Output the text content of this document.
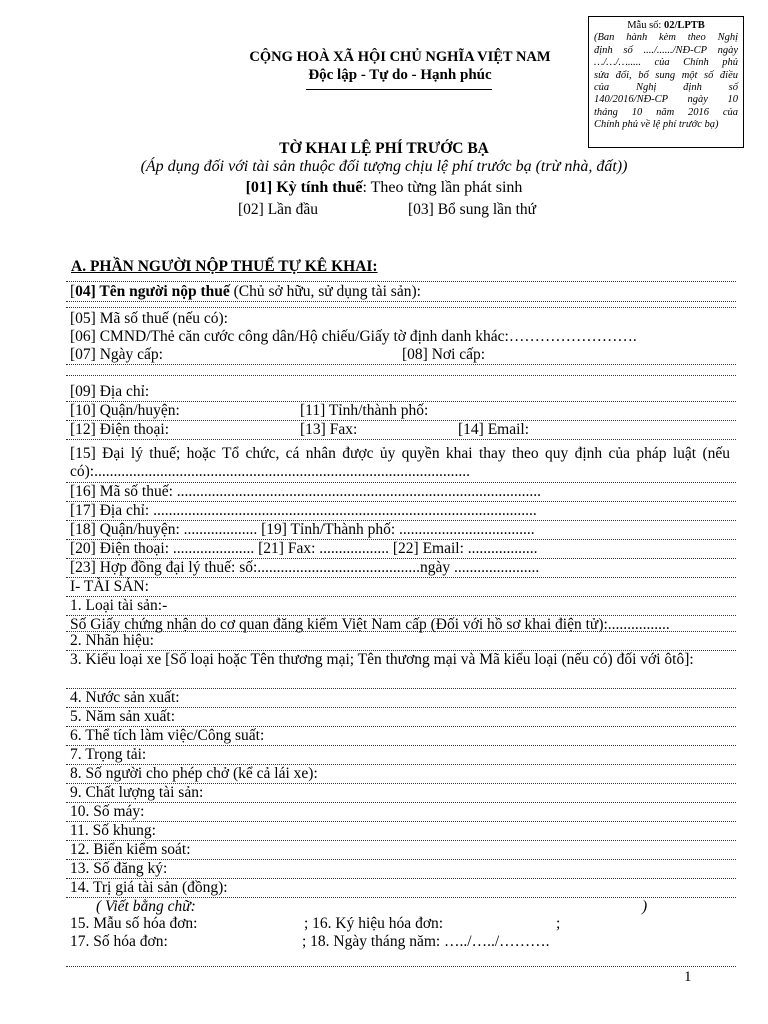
Mẫu số: 02/LPTB
(Ban hành kèm theo Nghị
định số ..../....../NĐ-CP ngày
…/…/…..... của Chính phủ
sửa đổi, bổ sung một số điều
của Nghị định số
140/2016/NĐ-CP ngày 10
tháng 10 năm 2016 của
Chính phủ về lệ phí trước bạ)
CỘNG HOÀ XÃ HỘI CHỦ NGHĨA VIỆT NAM
Độc lập - Tự do - Hạnh phúc
TỜ KHAI LỆ PHÍ TRƯỚC BẠ
(Áp dụng đối với tài sản thuộc đối tượng chịu lệ phí trước bạ (trừ nhà, đất))
[01] Kỳ tính thuế: Theo từng lần phát sinh
[02] Lần đầu	[03] Bổ sung lần thứ
A. PHẦN NGƯỜI NỘP THUẾ TỰ KÊ KHAI:
[04] Tên người nộp thuế (Chủ sở hữu, sử dụng tài sản):
[05] Mã số thuế (nếu có):
[06] CMND/Thẻ căn cước công dân/Hộ chiếu/Giấy tờ định danh khác:…………………….
[07] Ngày cấp:	[08] Nơi cấp:
[09] Địa chỉ:
[10] Quận/huyện:	[11] Tỉnh/thành phố:
[12] Điện thoại:	[13] Fax:	[14] Email:
[15] Đại lý thuế; hoặc Tổ chức, cá nhân được ủy quyền khai thay theo quy định của pháp luật (nếu có):.................................................................................................
[16] Mã số thuế: ..............................................................................................
[17] Địa chỉ: ...................................................................................................
[18] Quận/huyện: ................... [19] Tỉnh/Thành phố: ...................................
[20] Điện thoại: ..................... [21] Fax: .................. [22] Email: ..................
[23] Hợp đồng đại lý thuế: số:..........................................ngày ......................
I- TÀI SẢN:
1. Loại tài sản:-
Số Giấy chứng nhận do cơ quan đăng kiểm Việt Nam cấp (Đối với hồ sơ khai điện tử):................
2. Nhãn hiệu:
3. Kiểu loại xe [Số loại hoặc Tên thương mại; Tên thương mại và Mã kiểu loại (nếu có) đối với ôtô]:
4. Nước sản xuất:
5. Năm sản xuất:
6. Thể tích làm việc/Công suất:
7. Trọng tải:
8. Số người cho phép chở (kể cả lái xe):
9. Chất lượng tài sản:
10. Số máy:
11. Số khung:
12. Biển kiểm soát:
13. Số đăng ký:
14. Trị giá tài sản (đồng):
( Viết bằng chữ:	)
15. Mẫu số hóa đơn:	; 16. Ký hiệu hóa đơn:	;
17. Số hóa đơn:	; 18. Ngày tháng năm: …../…../……….
1
